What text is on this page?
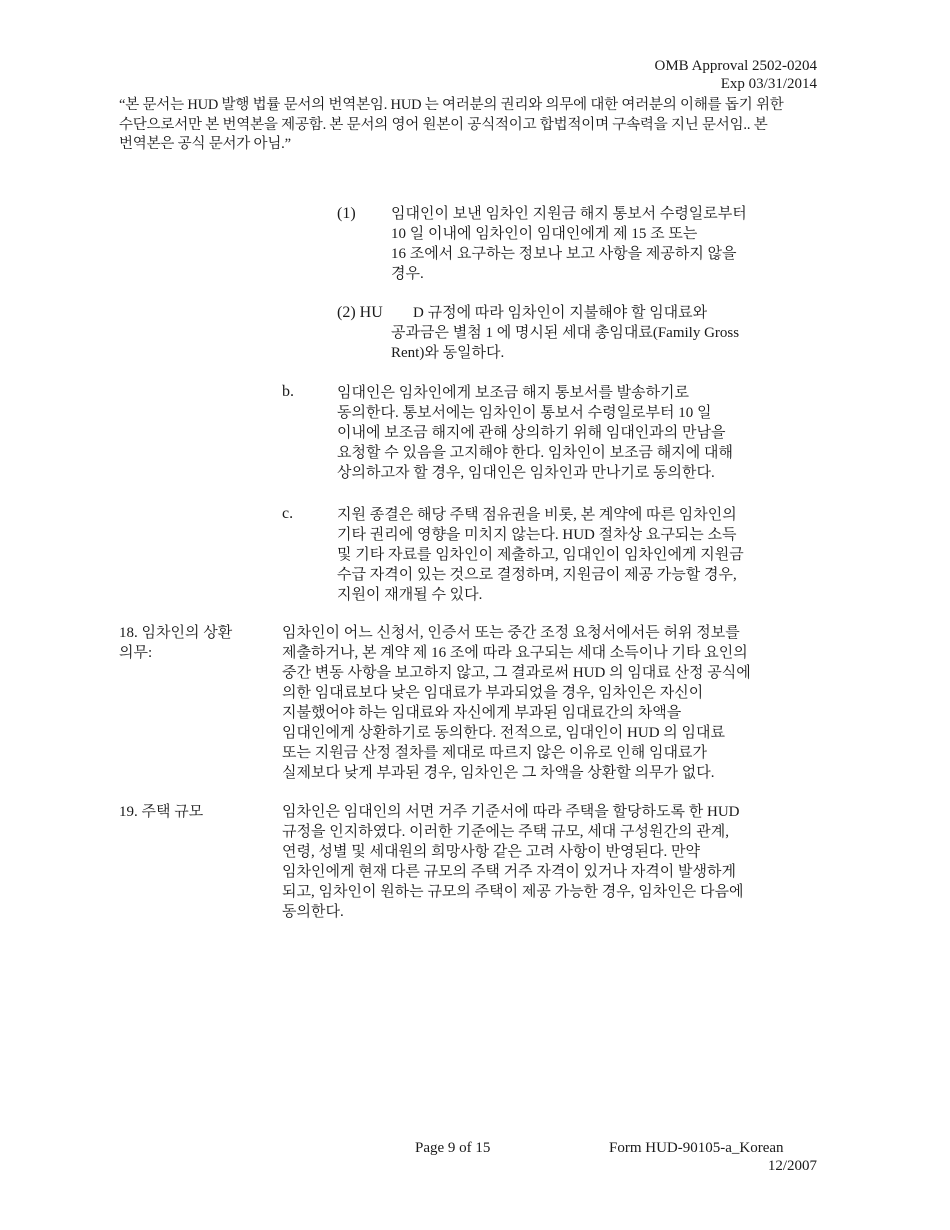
OMB Approval 2502-0204
Exp 03/31/2014
“본 문서는 HUD 발행 법률 문서의 번역본임. HUD 는 여러분의 권리와 의무에 대한 여러분의 이해를 돕기 위한
수단으로서만 본 번역본을 제공함. 본 문서의 영어 원본이 공식적이고 합법적이며 구속력을 지닌 문서임.. 본
번역본은 공식 문서가 아님.”
(1) 임대인이 보낸 임차인 지원금 해지 통보서 수령일로부터
10 일 이내에 임차인이 임대인에게 제 15 조 또는
16 조에서 요구하는 정보나 보고 사항을 제공하지 않을
경우.
(2) HU	D 규정에 따라 임차인이 지불해야 할 임대료와
공과금은 별첨 1 에 명시된 세대 총임대료(Family Gross
Rent)와 동일하다.
b.	임대인은 임차인에게 보조금 해지 통보서를 발송하기로
동의한다. 통보서에는 임차인이 통보서 수령일로부터 10 일
이내에 보조금 해지에 관해 상의하기 위해 임대인과의 만남을
요청할 수 있음을 고지해야 한다. 임차인이 보조금 해지에 대해
상의하고자 할 경우, 임대인은 임차인과 만나기로 동의한다.
c.	지원 종결은 해당 주택 점유권을 비롯, 본 계약에 따른 임차인의
기타 권리에 영향을 미치지 않는다. HUD 절차상 요구되는 소득
및 기타 자료를 임차인이 제출하고, 임대인이 임차인에게 지원금
수급 자격이 있는 것으로 결정하며, 지원금이 제공 가능할 경우,
지원이 재개될 수 있다.
18. 임차인의 상환
의무:
임차인이 어느 신청서, 인증서 또는 중간 조정 요청서에서든 허위 정보를
제출하거나, 본 계약 제 16 조에 따라 요구되는 세대 소득이나 기타 요인의
중간 변동 사항을 보고하지 않고, 그 결과로써 HUD 의 임대료 산정 공식에
의한 임대료보다 낮은 임대료가 부과되었을 경우, 임차인은 자신이
지불했어야 하는 임대료와 자신에게 부과된 임대료간의 차액을
임대인에게 상환하기로 동의한다. 전적으로, 임대인이 HUD 의 임대료
또는 지원금 산정 절차를 제대로 따르지 않은 이유로 인해 임대료가
실제보다 낮게 부과된 경우, 임차인은 그 차액을 상환할 의무가 없다.
19. 주택 규모	임차인은 임대인의 서면 거주 기준서에 따라 주택을 할당하도록 한 HUD
규정을 인지하였다. 이러한 기준에는 주택 규모, 세대 구성원간의 관계,
연령, 성별 및 세대원의 희망사항 같은 고려 사항이 반영된다. 만약
임차인에게 현재 다른 규모의 주택 거주 자격이 있거나 자격이 발생하게
되고, 임차인이 원하는 규모의 주택이 제공 가능한 경우, 임차인은 다음에
동의한다.
Page 9 of 15	Form HUD-90105-a_Korean
12/2007
